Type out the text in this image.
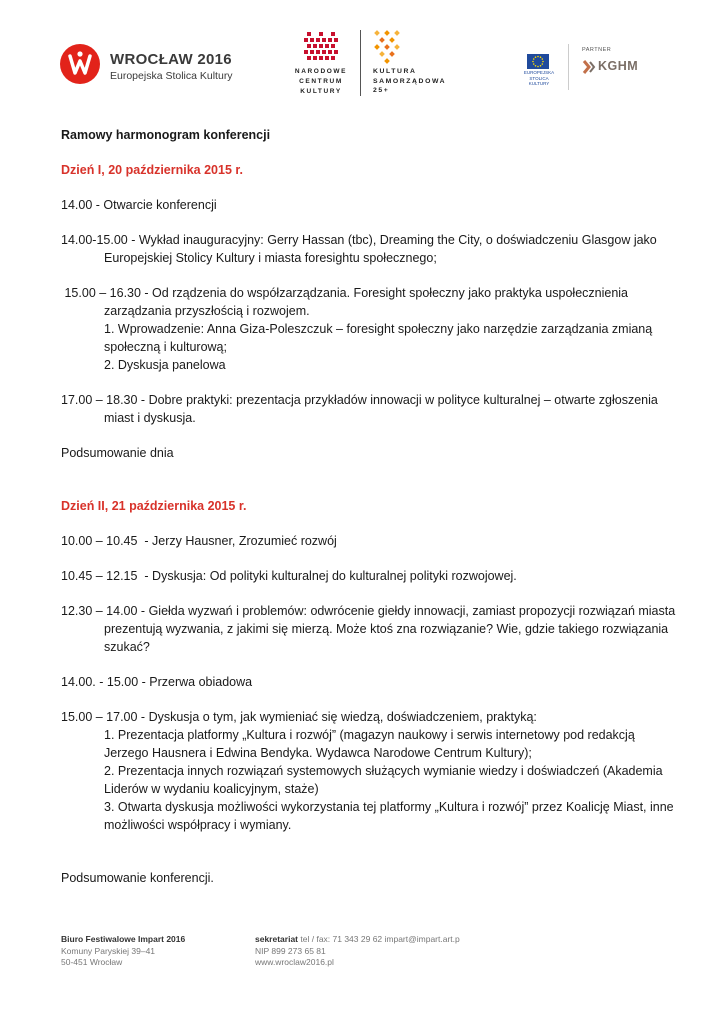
WROCŁAW 2016
Europejska Stolica Kultury	NARODOWE
CENTRUM
KULTURY
KULTURA
SAMORZĄDOWA
25+
EUROPEJSKA STOLICA KULTURY
PARTNER
KGHM

Ramowy harmonogram konferencji

Dzień I, 20 października 2015 r.

14.00 - Otwarcie konferencji

14.00-15.00 - Wykład inauguracyjny: Gerry Hassan (tbc), Dreaming the City, o doświadczeniu Glasgow jako Europejskiej Stolicy Kultury i miasta foresightu społecznego;

15.00 – 16.30 - Od rządzenia do współzarządzania. Foresight społeczny jako praktyka uspołecznienia zarządzania przyszłością i rozwojem.

1. Wprowadzenie: Anna Giza-Poleszczuk – foresight społeczny jako narzędzie zarządzania zmianą społeczną i kulturową;

2. Dyskusja panelowa

17.00 – 18.30 - Dobre praktyki: prezentacja przykładów innowacji w polityce kulturalnej – otwarte zgłoszenia miast i dyskusja.

Podsumowanie dnia

Dzień II, 21 października 2015 r.

10.00 – 10.45  - Jerzy Hausner, Zrozumieć rozwój

10.45 – 12.15  - Dyskusja: Od polityki kulturalnej do kulturalnej polityki rozwojowej.

12.30 – 14.00 - Giełda wyzwań i problemów: odwrócenie giełdy innowacji, zamiast propozycji rozwiązań miasta prezentują wyzwania, z jakimi się mierzą. Może ktoś zna rozwiązanie? Wie, gdzie takiego rozwiązania szukać?

14.00. - 15.00 - Przerwa obiadowa

15.00 – 17.00 - Dyskusja o tym, jak wymieniać się wiedzą, doświadczeniem, praktyką:

1. Prezentacja platformy „Kultura i rozwój” (magazyn naukowy i serwis internetowy pod redakcją Jerzego Hausnera i Edwina Bendyka. Wydawca Narodowe Centrum Kultury);

2. Prezentacja innych rozwiązań systemowych służących wymianie wiedzy i doświadczeń (Akademia Liderów w wydaniu koalicyjnym, staże)

3. Otwarta dyskusja możliwości wykorzystania tej platformy „Kultura i rozwój” przez Koalicję Miast, inne możliwości współpracy i wymiany.

Podsumowanie konferencji.

Biuro Festiwalowe Impart 2016
Komuny Paryskiej 39–41
50-451 Wrocław
sekretariat tel / fax: 71 343 29 62 impart@impart.art.p
NIP 899 273 65 81
www.wroclaw2016.pl
